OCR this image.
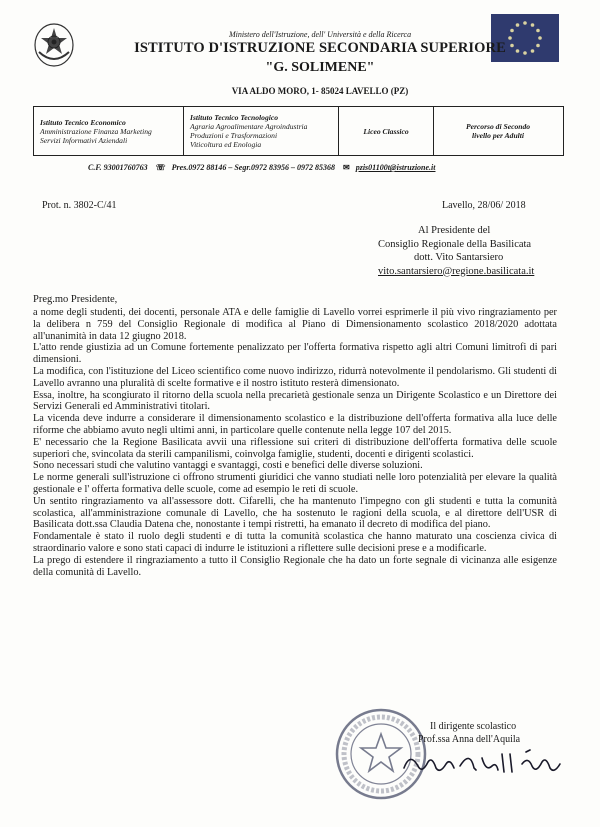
Ministero dell'Istruzione, dell' Università e della Ricerca
ISTITUTO D'ISTRUZIONE SECONDARIA SUPERIORE
"G. SOLIMENE"
VIA ALDO MORO, 1- 85024 LAVELLO (PZ)
Istituto Tecnico Economico
Amministrazione Finanza Marketing
Servizi Informativi Aziendali
Istituto Tecnico Tecnologico
Agraria Agroalimentare Agroindustria
Produzioni e Trasformazioni
Viticoltura ed Enologia
Liceo Classico	Percorso di Secondo
livello per Adulti
C.F. 93001760763 ☏ Pres.0972 88146 – Segr.0972 83956 – 0972 85368 ✉ pzis01100t@istruzione.it
Prot. n. 3802-C/41	Lavello, 28/06/ 2018
Al Presidente del
Consiglio Regionale della Basilicata
dott. Vito Santarsiero
vito.santarsiero@regione.basilicata.it
Preg.mo Presidente,

a nome degli studenti, dei docenti, personale ATA e delle famiglie di Lavello vorrei esprimerle il più vivo ringraziamento per la delibera n 759 del Consiglio Regionale di modifica al Piano di Dimensionamento scolastico 2018/2020 adottata all'unanimità in data 12 giugno 2018.

L'atto rende giustizia ad un Comune fortemente penalizzato per l'offerta formativa rispetto agli altri Comuni limitrofi di pari dimensioni.

La modifica, con l'istituzione del Liceo scientifico come nuovo indirizzo, ridurrà notevolmente il pendolarismo. Gli studenti di Lavello avranno una pluralità di scelte formative e il nostro istituto resterà dimensionato.

Essa, inoltre, ha scongiurato il ritorno della scuola nella precarietà gestionale senza un Dirigente Scolastico e un Direttore dei Servizi Generali ed Amministrativi titolari.

La vicenda deve indurre a considerare il dimensionamento scolastico e la distribuzione dell'offerta formativa alla luce delle riforme che abbiamo avuto negli ultimi anni, in particolare quelle contenute nella legge 107 del 2015.

E' necessario che la Regione Basilicata avvii una riflessione sui criteri di distribuzione dell'offerta formativa delle scuole superiori che, svincolata da sterili campanilismi, coinvolga famiglie, studenti, docenti e dirigenti scolastici.

Sono necessari studi che valutino vantaggi e svantaggi, costi e benefici delle diverse soluzioni.

Le norme generali sull'istruzione ci offrono strumenti giuridici che vanno studiati nelle loro potenzialità per elevare la qualità gestionale e l' offerta formativa delle scuole, come ad esempio le reti di scuole.

Un sentito ringraziamento va all'assessore dott. Cifarelli, che ha mantenuto l'impegno con gli studenti e tutta la comunità scolastica, all'amministrazione comunale di Lavello, che ha sostenuto le ragioni della scuola, e al direttore dell'USR di Basilicata dott.ssa Claudia Datena che, nonostante i tempi ristretti, ha emanato il decreto di modifica del piano.

Fondamentale è stato il ruolo degli studenti e di tutta la comunità scolastica che hanno maturato una coscienza civica di straordinario valore e sono stati capaci di indurre le istituzioni a riflettere sulle decisioni prese e a modificarle.

La prego di estendere il ringraziamento a tutto il Consiglio Regionale che ha dato un forte segnale di vicinanza alle esigenze della comunità di Lavello.

Il dirigente scolastico
Prof.ssa Anna dell'Aquila
